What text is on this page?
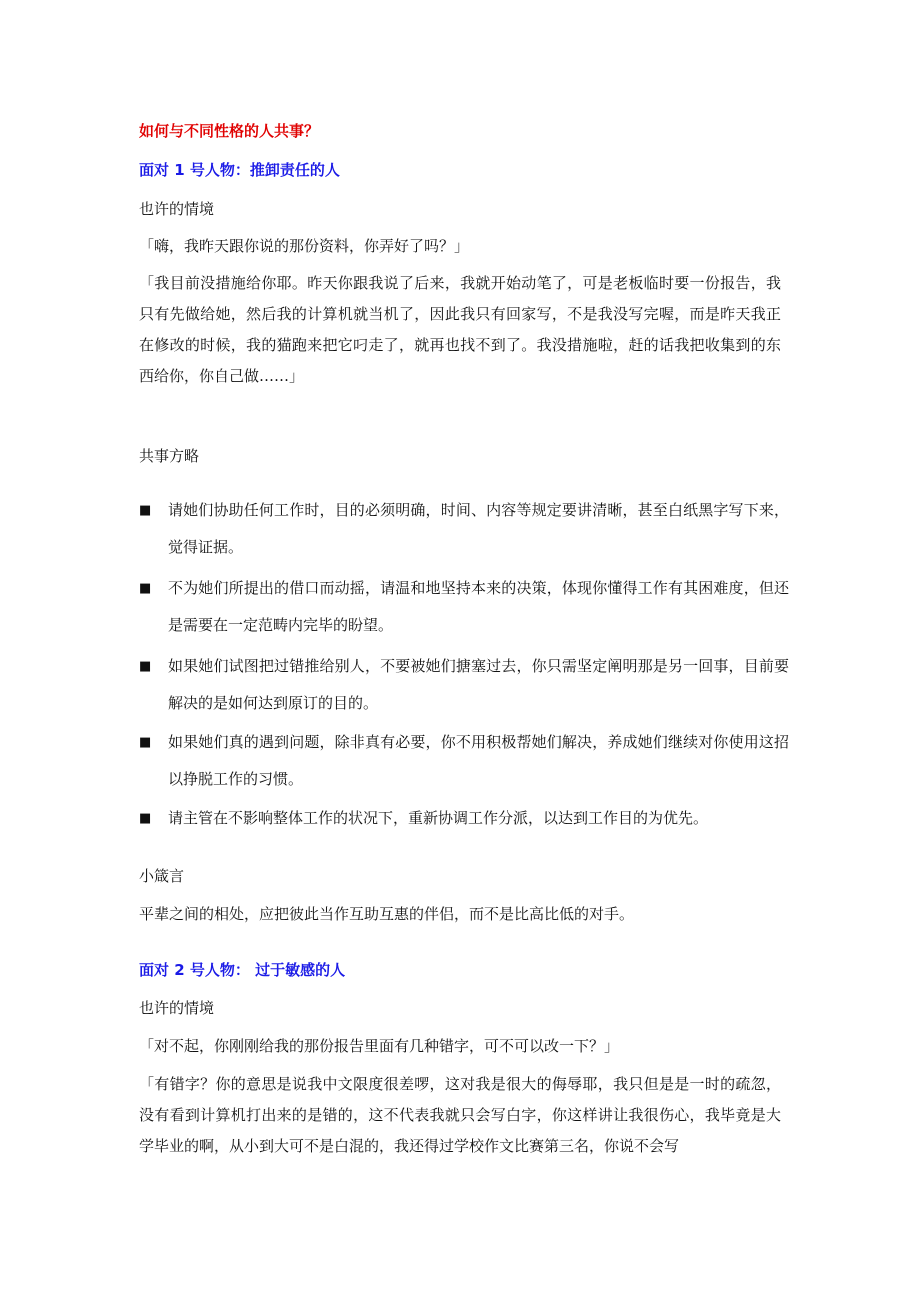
如何与不同性格的人共事？
面对 1 号人物：推卸责任的人
也许的情境
「嗨，我昨天跟你说的那份资料，你弄好了吗？」
「我目前没措施给你耶。昨天你跟我说了后来，我就开始动笔了，可是老板临时要一份报告，我只有先做给她，然后我的计算机就当机了，因此我只有回家写，不是我没写完喔，而是昨天我正在修改的时候，我的猫跑来把它叼走了，就再也找不到了。我没措施啦，赶的话我把收集到的东西给你，你自己做……」
共事方略
■ 请她们协助任何工作时，目的必须明确，时间、内容等规定要讲清晰，甚至白纸黑字写下来，觉得证据。
■ 不为她们所提出的借口而动摇，请温和地坚持本来的决策，体现你懂得工作有其困难度，但还是需要在一定范畴内完毕的盼望。
■ 如果她们试图把过错推给别人，不要被她们搪塞过去，你只需坚定阐明那是另一回事，目前要解决的是如何达到原订的目的。
■ 如果她们真的遇到问题，除非真有必要，你不用积极帮她们解决，养成她们继续对你使用这招以挣脱工作的习惯。
■ 请主管在不影响整体工作的状况下，重新协调工作分派，以达到工作目的为优先。
小箴言
平辈之间的相处，应把彼此当作互助互惠的伴侣，而不是比高比低的对手。
面对 2 号人物： 过于敏感的人
也许的情境
「对不起，你刚刚给我的那份报告里面有几种错字，可不可以改一下？」
「有错字？你的意思是说我中文限度很差啰，这对我是很大的侮辱耶，我只但是是一时的疏忽，没有看到计算机打出来的是错的，这不代表我就只会写白字，你这样讲让我很伤心，我毕竟是大学毕业的啊，从小到大可不是白混的，我还得过学校作文比赛第三名，你说不会写
